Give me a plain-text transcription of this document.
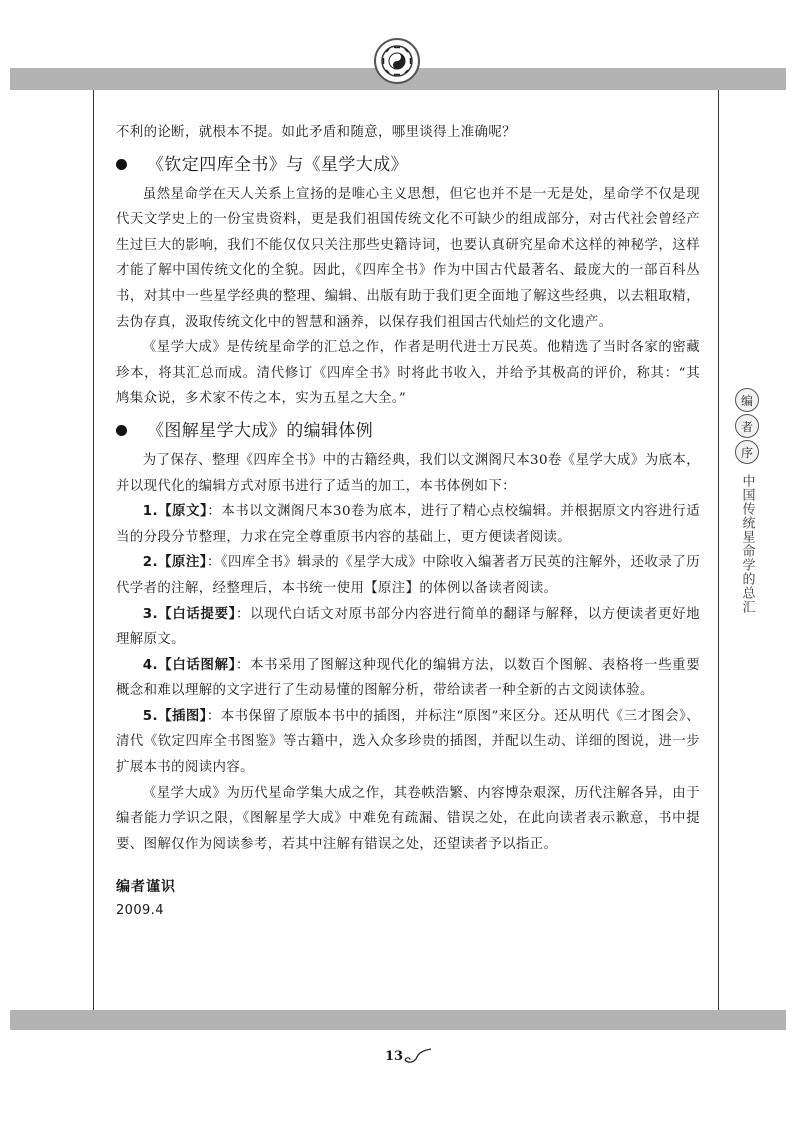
不利的论断，就根本不提。如此矛盾和随意，哪里谈得上准确呢？

《钦定四库全书》与《星学大成》

虽然星命学在天人关系上宣扬的是唯心主义思想，但它也并不是一无是处，星命学不仅是现代天文学史上的一份宝贵资料，更是我们祖国传统文化不可缺少的组成部分，对古代社会曾经产生过巨大的影响，我们不能仅仅只关注那些史籍诗词，也要认真研究星命术这样的神秘学，这样才能了解中国传统文化的全貌。因此，《四库全书》作为中国古代最著名、最庞大的一部百科丛书，对其中一些星学经典的整理、编辑、出版有助于我们更全面地了解这些经典，以去粗取精，去伪存真，汲取传统文化中的智慧和涵养，以保存我们祖国古代灿烂的文化遗产。

《星学大成》是传统星命学的汇总之作，作者是明代进士万民英。他精选了当时各家的密藏珍本，将其汇总而成。清代修订《四库全书》时将此书收入，并给予其极高的评价，称其：“其鸠集众说，多术家不传之本，实为五星之大全。”

《图解星学大成》的编辑体例

为了保存、整理《四库全书》中的古籍经典，我们以文渊阁尺本30卷《星学大成》为底本，并以现代化的编辑方式对原书进行了适当的加工，本书体例如下：

1.【原文】：本书以文渊阁尺本30卷为底本，进行了精心点校编辑。并根据原文内容进行适当的分段分节整理，力求在完全尊重原书内容的基础上，更方便读者阅读。

2.【原注】：《四库全书》辑录的《星学大成》中除收入编著者万民英的注解外，还收录了历代学者的注解，经整理后，本书统一使用【原注】的体例以备读者阅读。

3.【白话提要】：以现代白话文对原书部分内容进行简单的翻译与解释，以方便读者更好地理解原文。

4.【白话图解】：本书采用了图解这种现代化的编辑方法，以数百个图解、表格将一些重要概念和难以理解的文字进行了生动易懂的图解分析，带给读者一种全新的古文阅读体验。

5.【插图】：本书保留了原版本书中的插图，并标注“原图”来区分。还从明代《三才图会》、清代《钦定四库全书图鉴》等古籍中，选入众多珍贵的插图，并配以生动、详细的图说，进一步扩展本书的阅读内容。

《星学大成》为历代星命学集大成之作，其卷帙浩繁、内容博杂艰深，历代注解各异，由于编者能力学识之限，《图解星学大成》中难免有疏漏、错误之处，在此向读者表示歉意，书中提要、图解仅作为阅读参考，若其中注解有错误之处，还望读者予以指正。

编者谨识

2009.4

编
者
序
中国传统星命学的总汇
13
